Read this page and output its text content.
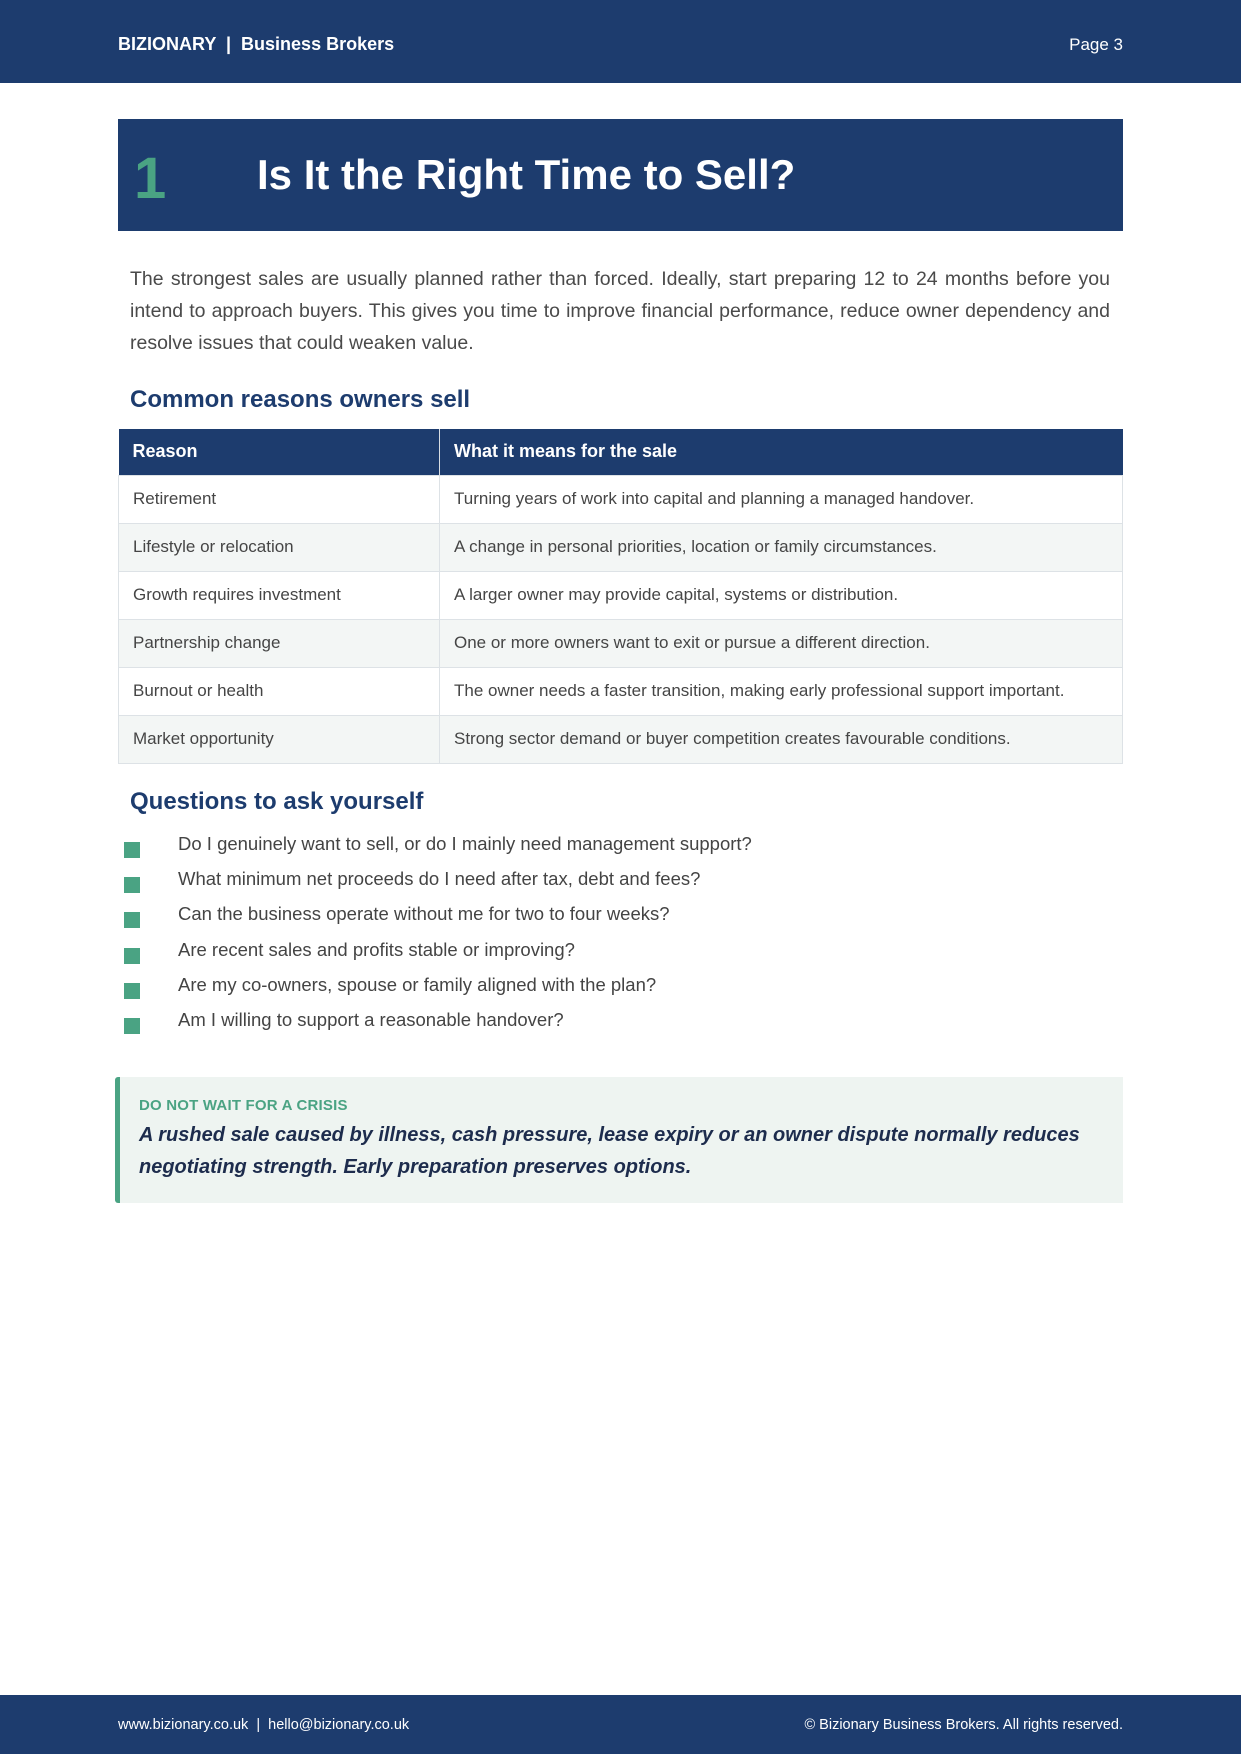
BIZIONARY  |  Business Brokers	Page 3
1 Is It the Right Time to Sell?

The strongest sales are usually planned rather than forced. Ideally, start preparing 12 to 24 months before you intend to approach buyers. This gives you time to improve financial performance, reduce owner dependency and resolve issues that could weaken value.

Common reasons owners sell
Reason	What it means for the sale
Retirement	Turning years of work into capital and planning a managed handover.
Lifestyle or relocation	A change in personal priorities, location or family circumstances.
Growth requires investment	A larger owner may provide capital, systems or distribution.
Partnership change	One or more owners want to exit or pursue a different direction.
Burnout or health	The owner needs a faster transition, making early professional support important.
Market opportunity	Strong sector demand or buyer competition creates favourable conditions.
Questions to ask yourself
Do I genuinely want to sell, or do I mainly need management support?
What minimum net proceeds do I need after tax, debt and fees?
Can the business operate without me for two to four weeks?
Are recent sales and profits stable or improving?
Are my co-owners, spouse or family aligned with the plan?
Am I willing to support a reasonable handover?
DO NOT WAIT FOR A CRISIS

A rushed sale caused by illness, cash pressure, lease expiry or an owner dispute normally reduces negotiating strength. Early preparation preserves options.

www.bizionary.co.uk  |  hello@bizionary.co.uk	© Bizionary Business Brokers. All rights reserved.
